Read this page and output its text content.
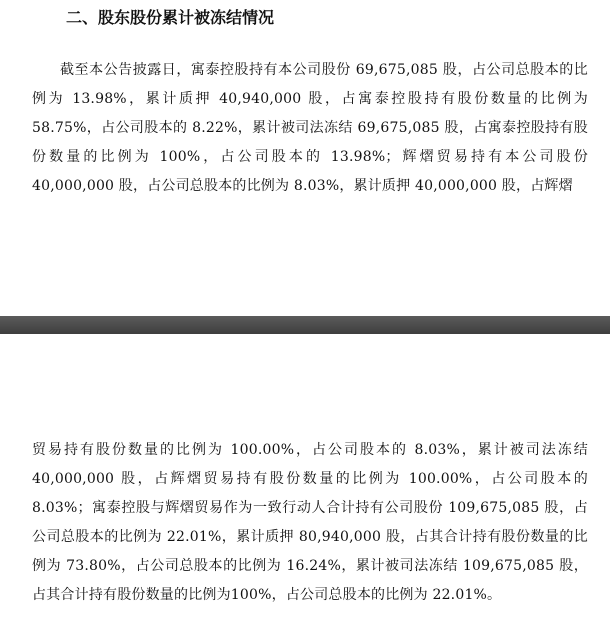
二、股东股份累计被冻结情况

截至本公告披露日，寓泰控股持有本公司股份 69,675,085 股，占公司总股本的比例为 13.98%，累计质押 40,940,000 股，占寓泰控股持有股份数量的比例为 58.75%，占公司股本的 8.22%，累计被司法冻结 69,675,085 股，占寓泰控股持有股份数量的比例为 100%，占公司股本的 13.98%；辉熠贸易持有本公司股份 40,000,000 股，占公司总股本的比例为 8.03%，累计质押 40,000,000 股，占辉熠

贸易持有股份数量的比例为 100.00%，占公司股本的 8.03%，累计被司法冻结 40,000,000 股，占辉熠贸易持有股份数量的比例为 100.00%，占公司股本的 8.03%；寓泰控股与辉熠贸易作为一致行动人合计持有公司股份 109,675,085 股，占公司总股本的比例为 22.01%，累计质押 80,940,000 股，占其合计持有股份数量的比例为 73.80%，占公司总股本的比例为 16.24%，累计被司法冻结 109,675,085 股，占其合计持有股份数量的比例为100%，占公司总股本的比例为 22.01%。
